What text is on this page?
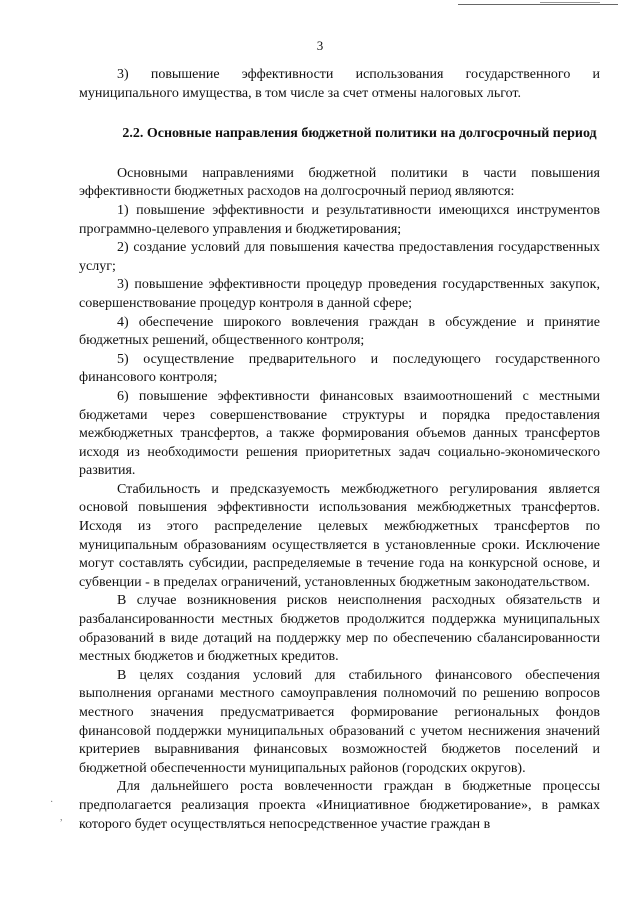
3

3) повышение эффективности использования государственного и муниципального имущества, в том числе за счет отмены налоговых льгот.

2.2. Основные направления бюджетной политики на долгосрочный период

Основными направлениями бюджетной политики в части повышения эффективности бюджетных расходов на долгосрочный период являются:

1) повышение эффективности и результативности имеющихся инструментов программно-целевого управления и бюджетирования;

2) создание условий для повышения качества предоставления государственных услуг;

3) повышение эффективности процедур проведения государственных закупок, совершенствование процедур контроля в данной сфере;

4) обеспечение широкого вовлечения граждан в обсуждение и принятие бюджетных решений, общественного контроля;

5) осуществление предварительного и последующего государственного финансового контроля;

6) повышение эффективности финансовых взаимоотношений с местными бюджетами через совершенствование структуры и порядка предоставления межбюджетных трансфертов, а также формирования объемов данных трансфертов исходя из необходимости решения приоритетных задач социально-экономического развития.

Стабильность и предсказуемость межбюджетного регулирования является основой повышения эффективности использования межбюджетных трансфертов. Исходя из этого распределение целевых межбюджетных трансфертов по муниципальным образованиям осуществляется в установленные сроки. Исключение могут составлять субсидии, распределяемые в течение года на конкурсной основе, и субвенции - в пределах ограничений, установленных бюджетным законодательством.

В случае возникновения рисков неисполнения расходных обязательств и разбалансированности местных бюджетов продолжится поддержка муниципальных образований в виде дотаций на поддержку мер по обеспечению сбалансированности местных бюджетов и бюджетных кредитов.

В целях создания условий для стабильного финансового обеспечения выполнения органами местного самоуправления полномочий по решению вопросов местного значения предусматривается формирование региональных фондов финансовой поддержки муниципальных образований с учетом неснижения значений критериев выравнивания финансовых возможностей бюджетов поселений и бюджетной обеспеченности муниципальных районов (городских округов).

Для дальнейшего роста вовлеченности граждан в бюджетные процессы предполагается реализация проекта «Инициативное бюджетирование», в рамках которого будет осуществляться непосредственное участие граждан в

·
,
